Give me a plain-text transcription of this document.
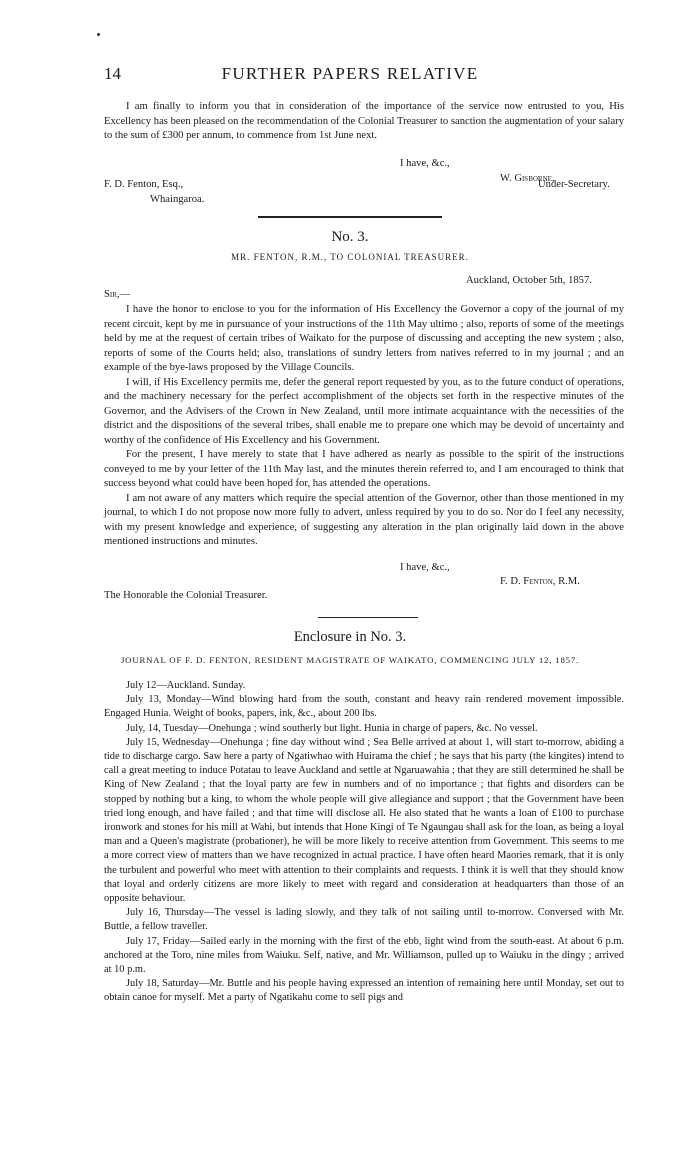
14	FURTHER PAPERS RELATIVE
I am finally to inform you that in consideration of the importance of the service now entrusted to you, His Excellency has been pleased on the recommendation of the Colonial Treasurer to sanction the augmentation of your salary to the sum of £300 per annum, to commence from 1st June next.
I have, &c.,
W. Gisborne,
F. D. Fenton, Esq.,	Under-Secretary.
Whaingaroa.
No. 3.
MR. FENTON, R.M., TO COLONIAL TREASURER.
Auckland, October 5th, 1857.
Sir,—

I have the honor to enclose to you for the information of His Excellency the Governor a copy of the journal of my recent circuit, kept by me in pursuance of your instructions of the 11th May ultimo ; also, reports of some of the meetings held by me at the request of certain tribes of Waikato for the purpose of discussing and accepting the new system ; also, reports of some of the Courts held; also, translations of sundry letters from natives referred to in my journal ; and an example of the bye-laws proposed by the Village Councils.

I will, if His Excellency permits me, defer the general report requested by you, as to the future conduct of operations, and the machinery necessary for the perfect accomplishment of the objects set forth in the respective minutes of the Governor, and the Advisers of the Crown in New Zealand, until more intimate acquaintance with the necessities of the district and the dispositions of the several tribes, shall enable me to prepare one which may be devoid of uncertainty and worthy of the confidence of His Excellency and his Government.

For the present, I have merely to state that I have adhered as nearly as possible to the spirit of the instructions conveyed to me by your letter of the 11th May last, and the minutes therein referred to, and I am encouraged to think that success beyond what could have been hoped for, has attended the operations.

I am not aware of any matters which require the special attention of the Governor, other than those mentioned in my journal, to which I do not propose now more fully to advert, unless required by you to do so. Nor do I feel any necessity, with my present knowledge and experience, of suggesting any alteration in the plan originally laid down in the above mentioned instructions and minutes.

I have, &c.,
F. D. Fenton, R.M.
The Honorable the Colonial Treasurer.
Enclosure in No. 3.
JOURNAL OF F. D. FENTON, RESIDENT MAGISTRATE OF WAIKATO, COMMENCING JULY 12, 1857.

July 12—Auckland. Sunday.

July 13, Monday—Wind blowing hard from the south, constant and heavy rain rendered movement impossible. Engaged Hunia. Weight of books, papers, ink, &c., about 200 lbs.

July, 14, Tuesday—Onehunga ; wind southerly but light. Hunia in charge of papers, &c. No vessel.

July 15, Wednesday—Onehunga ; fine day without wind ; Sea Belle arrived at about 1, will start to-morrow, abiding a tide to discharge cargo. Saw here a party of Ngatiwhao with Huirama the chief ; he says that his party (the kingites) intend to call a great meeting to induce Potatau to leave Auckland and settle at Ngaruawahia ; that they are still determined he shall be King of New Zealand ; that the loyal party are few in numbers and of no importance ; that fights and disorders can be stopped by nothing but a king, to whom the whole people will give allegiance and support ; that the Government have been tried long enough, and have failed ; and that time will disclose all. He also stated that he wants a loan of £100 to purchase ironwork and stones for his mill at Wahi, but intends that Hone Kingi of Te Ngaungau shall ask for the loan, as being a loyal man and a Queen's magistrate (probationer), he will be more likely to receive attention from Government. This seems to me a more correct view of matters than we have recognized in actual practice. I have often heard Maories remark, that it is only the turbulent and powerful who meet with attention to their complaints and requests. I think it is well that they should know that loyal and orderly citizens are more likely to meet with regard and consideration at headquarters than those of an opposite behaviour.

July 16, Thursday—The vessel is lading slowly, and they talk of not sailing until to-morrow. Conversed with Mr. Buttle, a fellow traveller.

July 17, Friday—Sailed early in the morning with the first of the ebb, light wind from the south-east. At about 6 p.m. anchored at the Toro, nine miles from Waiuku. Self, native, and Mr. Williamson, pulled up to Waiuku in the dingy ; arrived at 10 p.m.

July 18, Saturday—Mr. Buttle and his people having expressed an intention of remaining here until Monday, set out to obtain canoe for myself. Met a party of Ngatikahu come to sell pigs and
